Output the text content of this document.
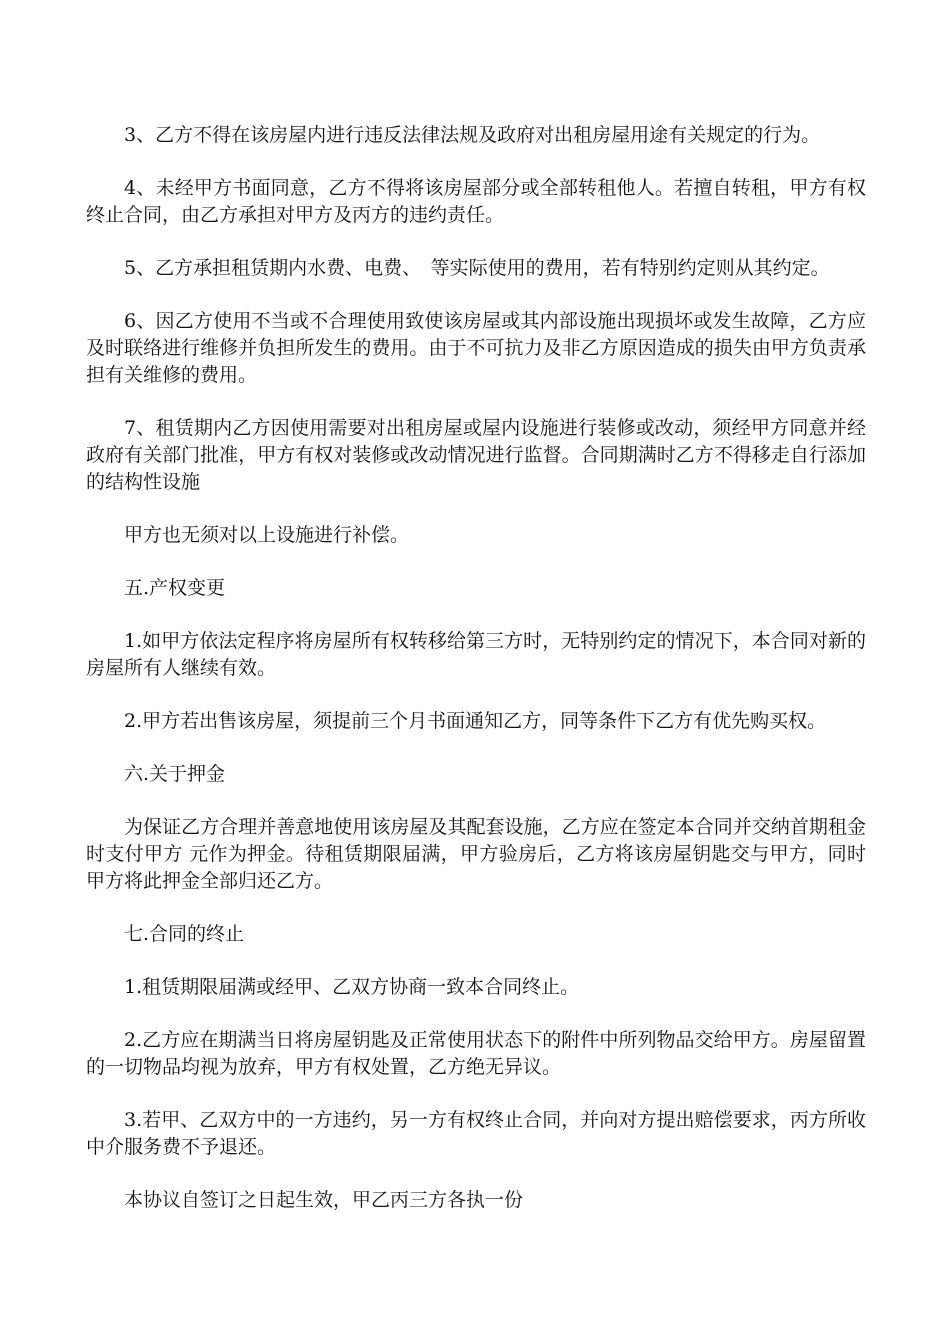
3、乙方不得在该房屋内进行违反法律法规及政府对出租房屋用途有关规定的行为。

4、未经甲方书面同意，乙方不得将该房屋部分或全部转租他人。若擅自转租，甲方有权终止合同，由乙方承担对甲方及丙方的违约责任。

5、乙方承担租赁期内水费、电费、　等实际使用的费用，若有特别约定则从其约定。

6、因乙方使用不当或不合理使用致使该房屋或其内部设施出现损坏或发生故障，乙方应及时联络进行维修并负担所发生的费用。由于不可抗力及非乙方原因造成的损失由甲方负责承担有关维修的费用。

7、租赁期内乙方因使用需要对出租房屋或屋内设施进行装修或改动，须经甲方同意并经政府有关部门批准，甲方有权对装修或改动情况进行监督。合同期满时乙方不得移走自行添加的结构性设施

甲方也无须对以上设施进行补偿。

五.产权变更

1.如甲方依法定程序将房屋所有权转移给第三方时，无特别约定的情况下，本合同对新的房屋所有人继续有效。

2.甲方若出售该房屋，须提前三个月书面通知乙方，同等条件下乙方有优先购买权。

六.关于押金

为保证乙方合理并善意地使用该房屋及其配套设施，乙方应在签定本合同并交纳首期租金时支付甲方 元作为押金。待租赁期限届满，甲方验房后，乙方将该房屋钥匙交与甲方，同时甲方将此押金全部归还乙方。

七.合同的终止

1.租赁期限届满或经甲、乙双方协商一致本合同终止。

2.乙方应在期满当日将房屋钥匙及正常使用状态下的附件中所列物品交给甲方。房屋留置的一切物品均视为放弃，甲方有权处置，乙方绝无异议。

3.若甲、乙双方中的一方违约，另一方有权终止合同，并向对方提出赔偿要求，丙方所收中介服务费不予退还。

本协议自签订之日起生效，甲乙丙三方各执一份
